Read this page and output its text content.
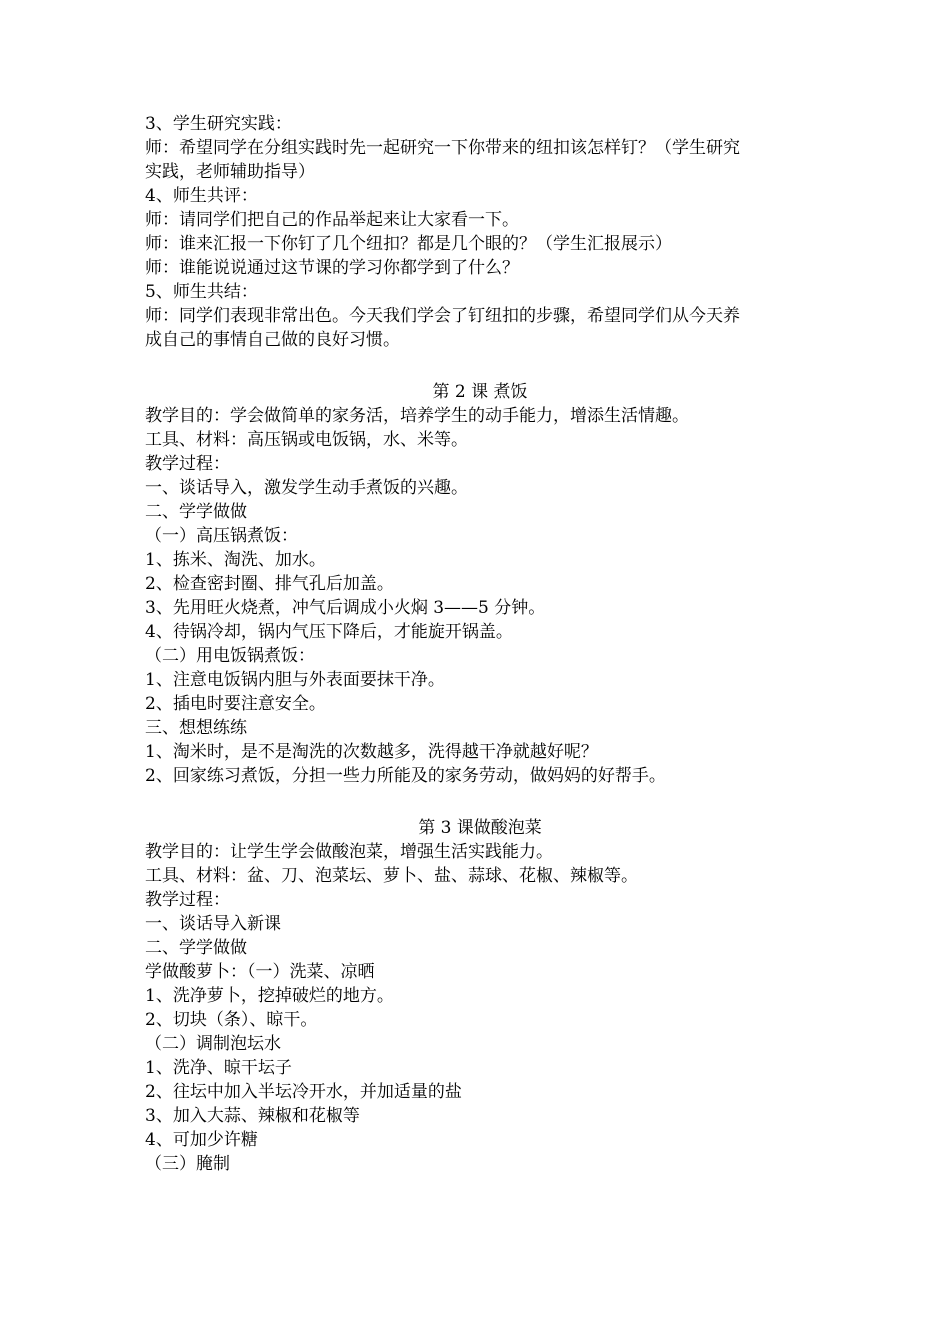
3、学生研究实践：
师：希望同学在分组实践时先一起研究一下你带来的纽扣该怎样钉？（学生研究
实践，老师辅助指导）
4、师生共评：
师：请同学们把自己的作品举起来让大家看一下。
师：谁来汇报一下你钉了几个纽扣？都是几个眼的？（学生汇报展示）
师：谁能说说通过这节课的学习你都学到了什么？
5、师生共结：
师：同学们表现非常出色。今天我们学会了钉纽扣的步骤，希望同学们从今天养
成自己的事情自己做的良好习惯。
第 2 课 煮饭
教学目的：学会做简单的家务活，培养学生的动手能力，增添生活情趣。
工具、材料：高压锅或电饭锅，水、米等。
教学过程：
一、谈话导入，激发学生动手煮饭的兴趣。
二、学学做做
（一）高压锅煮饭：
1、拣米、淘洗、加水。
2、检查密封圈、排气孔后加盖。
3、先用旺火烧煮，冲气后调成小火焖 3——5 分钟。
4、待锅冷却，锅内气压下降后，才能旋开锅盖。
（二）用电饭锅煮饭：
1、注意电饭锅内胆与外表面要抹干净。
2、插电时要注意安全。
三、想想练练
1、淘米时，是不是淘洗的次数越多，洗得越干净就越好呢？
2、回家练习煮饭，分担一些力所能及的家务劳动，做妈妈的好帮手。
第 3 课做酸泡菜
教学目的：让学生学会做酸泡菜，增强生活实践能力。
工具、材料：盆、刀、泡菜坛、萝卜、盐、蒜球、花椒、辣椒等。
教学过程：
一、谈话导入新课
二、学学做做
学做酸萝卜：（一）洗菜、凉晒
1、洗净萝卜，挖掉破烂的地方。
2、切块（条）、晾干。
（二）调制泡坛水
1、洗净、晾干坛子
2、往坛中加入半坛冷开水，并加适量的盐
3、加入大蒜、辣椒和花椒等
4、可加少许糖
（三）腌制
